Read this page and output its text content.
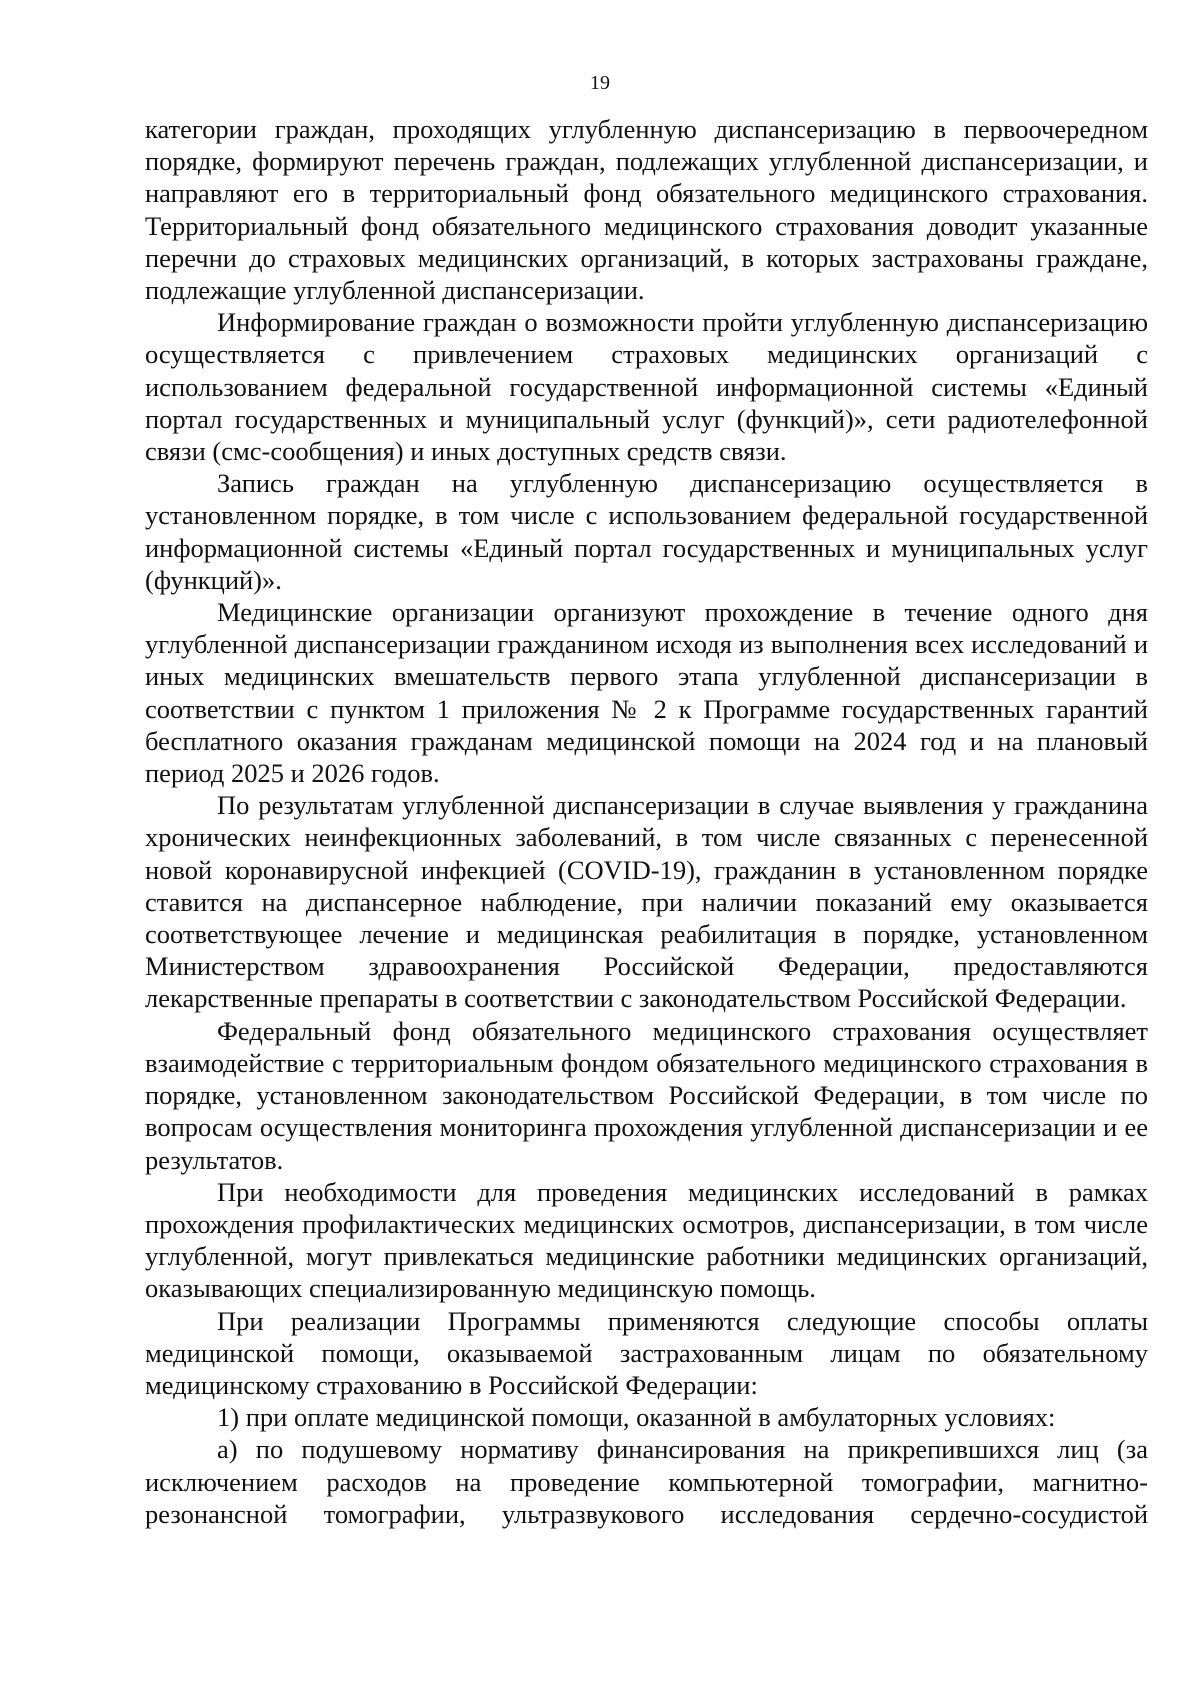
19

категории граждан, проходящих углубленную диспансеризацию в первоочередном порядке, формируют перечень граждан, подлежащих углубленной диспансеризации, и направляют его в территориальный фонд обязательного медицинского страхования. Территориальный фонд обязательного медицинского страхования доводит указанные перечни до страховых медицинских организаций, в которых застрахованы граждане, подлежащие углубленной диспансеризации.

Информирование граждан о возможности пройти углубленную диспансеризацию осуществляется с привлечением страховых медицинских организаций с использованием федеральной государственной информационной системы «Единый портал государственных и муниципальный услуг (функций)», сети радиотелефонной связи (смс-сообщения) и иных доступных средств связи.

Запись граждан на углубленную диспансеризацию осуществляется в установленном порядке, в том числе с использованием федеральной государственной информационной системы «Единый портал государственных и муниципальных услуг (функций)».

Медицинские организации организуют прохождение в течение одного дня углубленной диспансеризации гражданином исходя из выполнения всех исследований и иных медицинских вмешательств первого этапа углубленной диспансеризации в соответствии с пунктом 1 приложения № 2 к Программе государственных гарантий бесплатного оказания гражданам медицинской помощи на 2024 год и на плановый период 2025 и 2026 годов.

По результатам углубленной диспансеризации в случае выявления у гражданина хронических неинфекционных заболеваний, в том числе связанных с перенесенной новой коронавирусной инфекцией (COVID-19), гражданин в установленном порядке ставится на диспансерное наблюдение, при наличии показаний ему оказывается соответствующее лечение и медицинская реабилитация в порядке, установленном Министерством здравоохранения Российской Федерации, предоставляются лекарственные препараты в соответствии с законодательством Российской Федерации.

Федеральный фонд обязательного медицинского страхования осуществляет взаимодействие с территориальным фондом обязательного медицинского страхования в порядке, установленном законодательством Российской Федерации, в том числе по вопросам осуществления мониторинга прохождения углубленной диспансеризации и ее результатов.

При необходимости для проведения медицинских исследований в рамках прохождения профилактических медицинских осмотров, диспансеризации, в том числе углубленной, могут привлекаться медицинские работники медицинских организаций, оказывающих специализированную медицинскую помощь.

При реализации Программы применяются следующие способы оплаты медицинской помощи, оказываемой застрахованным лицам по обязательному медицинскому страхованию в Российской Федерации:

1) при оплате медицинской помощи, оказанной в амбулаторных условиях:

а) по подушевому нормативу финансирования на прикрепившихся лиц (за исключением расходов на проведение компьютерной томографии, магнитно-резонансной томографии, ультразвукового исследования сердечно-сосудистой
